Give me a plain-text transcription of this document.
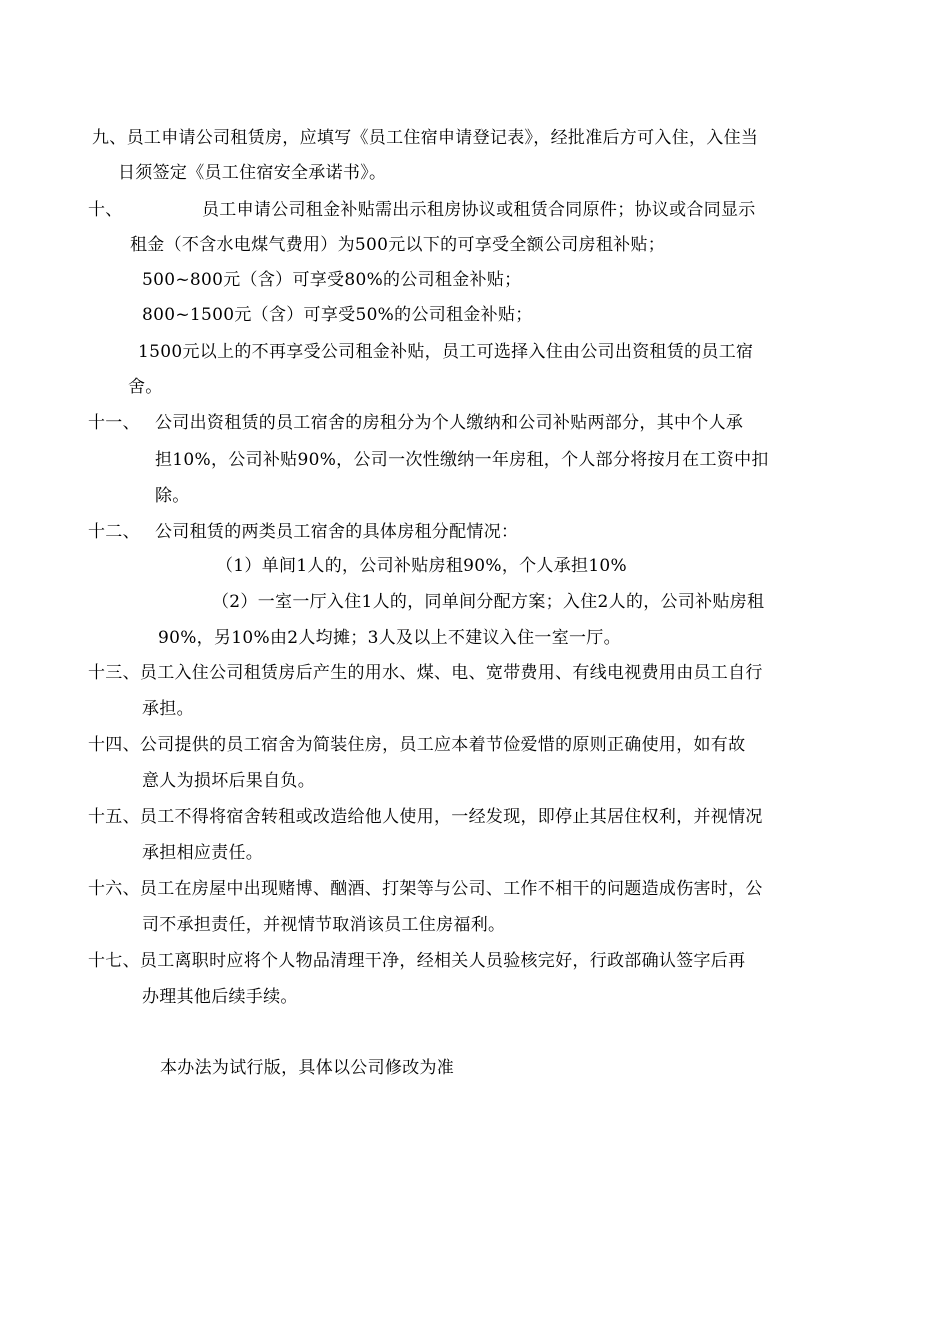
九、员工申请公司租赁房，应填写《员工住宿申请登记表》，经批准后方可入住，入住当
日须签定《员工住宿安全承诺书》。
十、	员工申请公司租金补贴需出示租房协议或租赁合同原件；协议或合同显示
租金（不含水电煤气费用）为500元以下的可享受全额公司房租补贴；
500~800元（含）可享受80%的公司租金补贴；
800~1500元（含）可享受50%的公司租金补贴；
1500元以上的不再享受公司租金补贴，员工可选择入住由公司出资租赁的员工宿
舍。
十一、 公司出资租赁的员工宿舍的房租分为个人缴纳和公司补贴两部分，其中个人承
担10%，公司补贴90%，公司一次性缴纳一年房租，个人部分将按月在工资中扣
除。
十二、 公司租赁的两类员工宿舍的具体房租分配情况：
（1）单间1人的，公司补贴房租90%，个人承担10%
（2）一室一厅入住1人的，同单间分配方案；入住2人的，公司补贴房租
90%，另10%由2人均摊；3人及以上不建议入住一室一厅。
十三、员工入住公司租赁房后产生的用水、煤、电、宽带费用、有线电视费用由员工自行
承担。
十四、公司提供的员工宿舍为简装住房，员工应本着节俭爱惜的原则正确使用，如有故
意人为损坏后果自负。
十五、员工不得将宿舍转租或改造给他人使用，一经发现，即停止其居住权利，并视情况
承担相应责任。
十六、员工在房屋中出现赌博、酗酒、打架等与公司、工作不相干的问题造成伤害时，公
司不承担责任，并视情节取消该员工住房福利。
十七、员工离职时应将个人物品清理干净，经相关人员验核完好，行政部确认签字后再
办理其他后续手续。
本办法为试行版，具体以公司修改为准
